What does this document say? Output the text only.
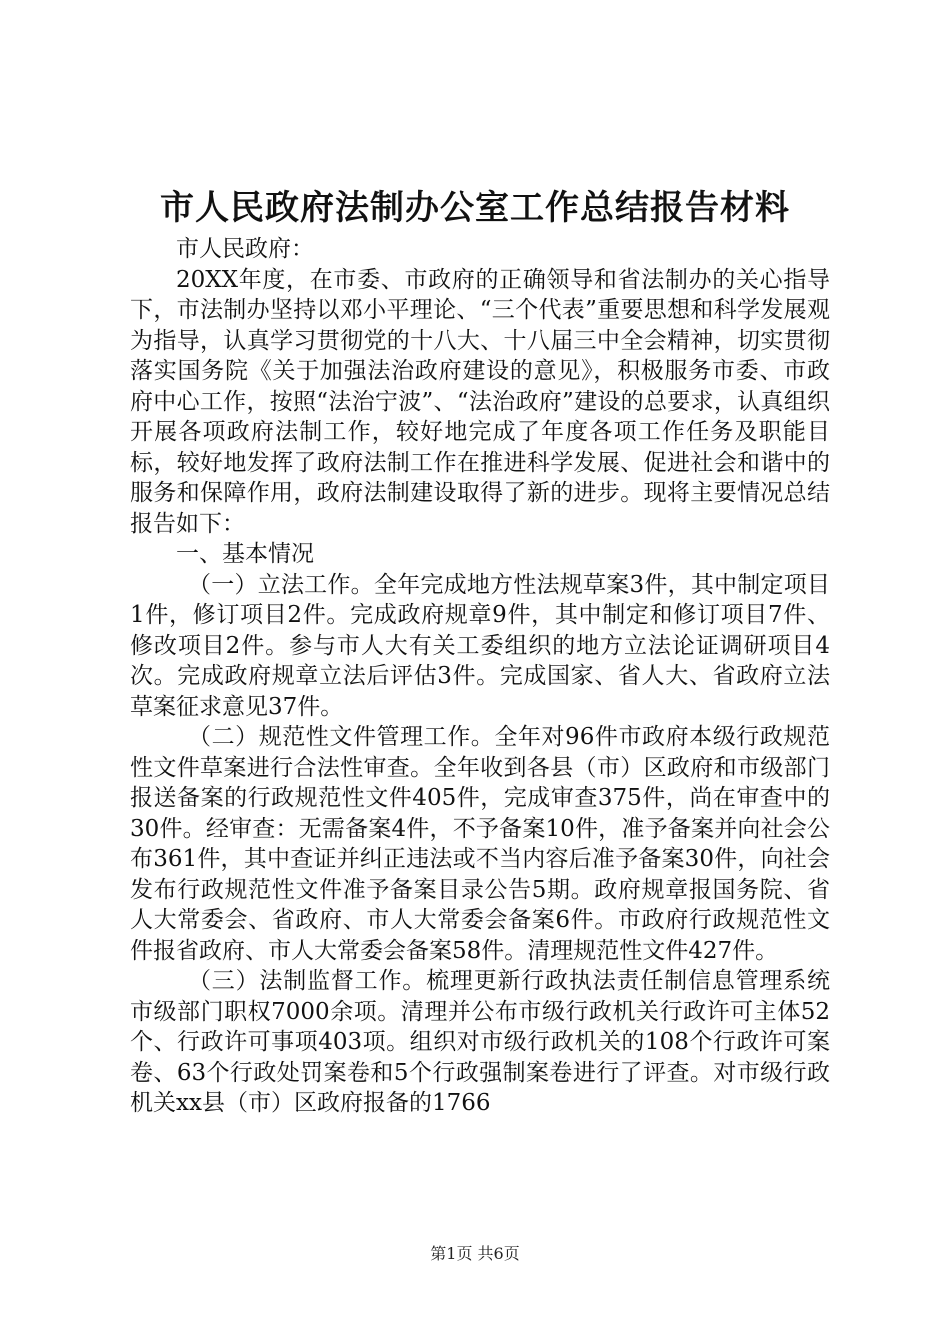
市人民政府法制办公室工作总结报告材料

市人民政府：

20XX年度，在市委、市政府的正确领导和省法制办的关心指导下，市法制办坚持以邓小平理论、“三个代表”重要思想和科学发展观为指导，认真学习贯彻党的十八大、十八届三中全会精神，切实贯彻落实国务院《关于加强法治政府建设的意见》，积极服务市委、市政府中心工作，按照“法治宁波”、“法治政府”建设的总要求，认真组织开展各项政府法制工作，较好地完成了年度各项工作任务及职能目标，较好地发挥了政府法制工作在推进科学发展、促进社会和谐中的服务和保障作用，政府法制建设取得了新的进步。现将主要情况总结报告如下：

一、基本情况

（一）立法工作。全年完成地方性法规草案3件，其中制定项目1件，修订项目2件。完成政府规章9件，其中制定和修订项目7件、修改项目2件。参与市人大有关工委组织的地方立法论证调研项目4次。完成政府规章立法后评估3件。完成国家、省人大、省政府立法草案征求意见37件。

（二）规范性文件管理工作。全年对96件市政府本级行政规范性文件草案进行合法性审查。全年收到各县（市）区政府和市级部门报送备案的行政规范性文件405件，完成审查375件，尚在审查中的30件。经审查：无需备案4件，不予备案10件，准予备案并向社会公布361件，其中查证并纠正违法或不当内容后准予备案30件，向社会发布行政规范性文件准予备案目录公告5期。政府规章报国务院、省人大常委会、省政府、市人大常委会备案6件。市政府行政规范性文件报省政府、市人大常委会备案58件。清理规范性文件427件。

（三）法制监督工作。梳理更新行政执法责任制信息管理系统市级部门职权7000余项。清理并公布市级行政机关行政许可主体52个、行政许可事项403项。组织对市级行政机关的108个行政许可案卷、63个行政处罚案卷和5个行政强制案卷进行了评查。对市级行政机关xx县（市）区政府报备的1766

第1页 共6页
